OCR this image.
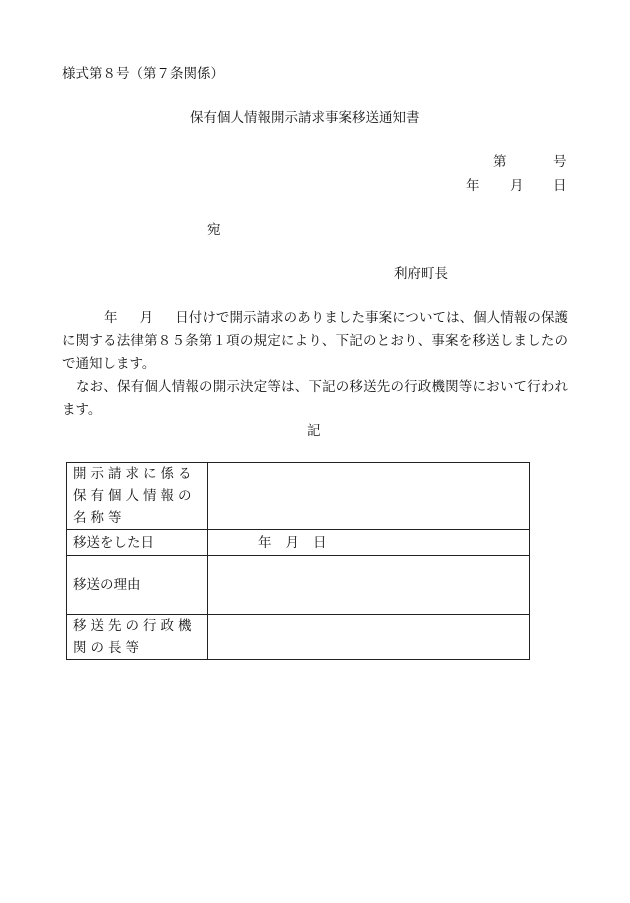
様式第８号（第７条関係）
保有個人情報開示請求事案移送通知書
第	号
年 月 日
宛
利府町長

年 月 日付けで開示請求のありました事案については、個人情報の保護に関する法律第８５条第１項の規定により、下記のとおり、事案を移送しましたので通知します。

なお、保有個人情報の開示決定等は、下記の移送先の行政機関等において行われます。

記
開示請求に係る保有個人情報の名称等	
移送をした日	年 月 日
移送の理由	
移送先の行政機関の長等	
